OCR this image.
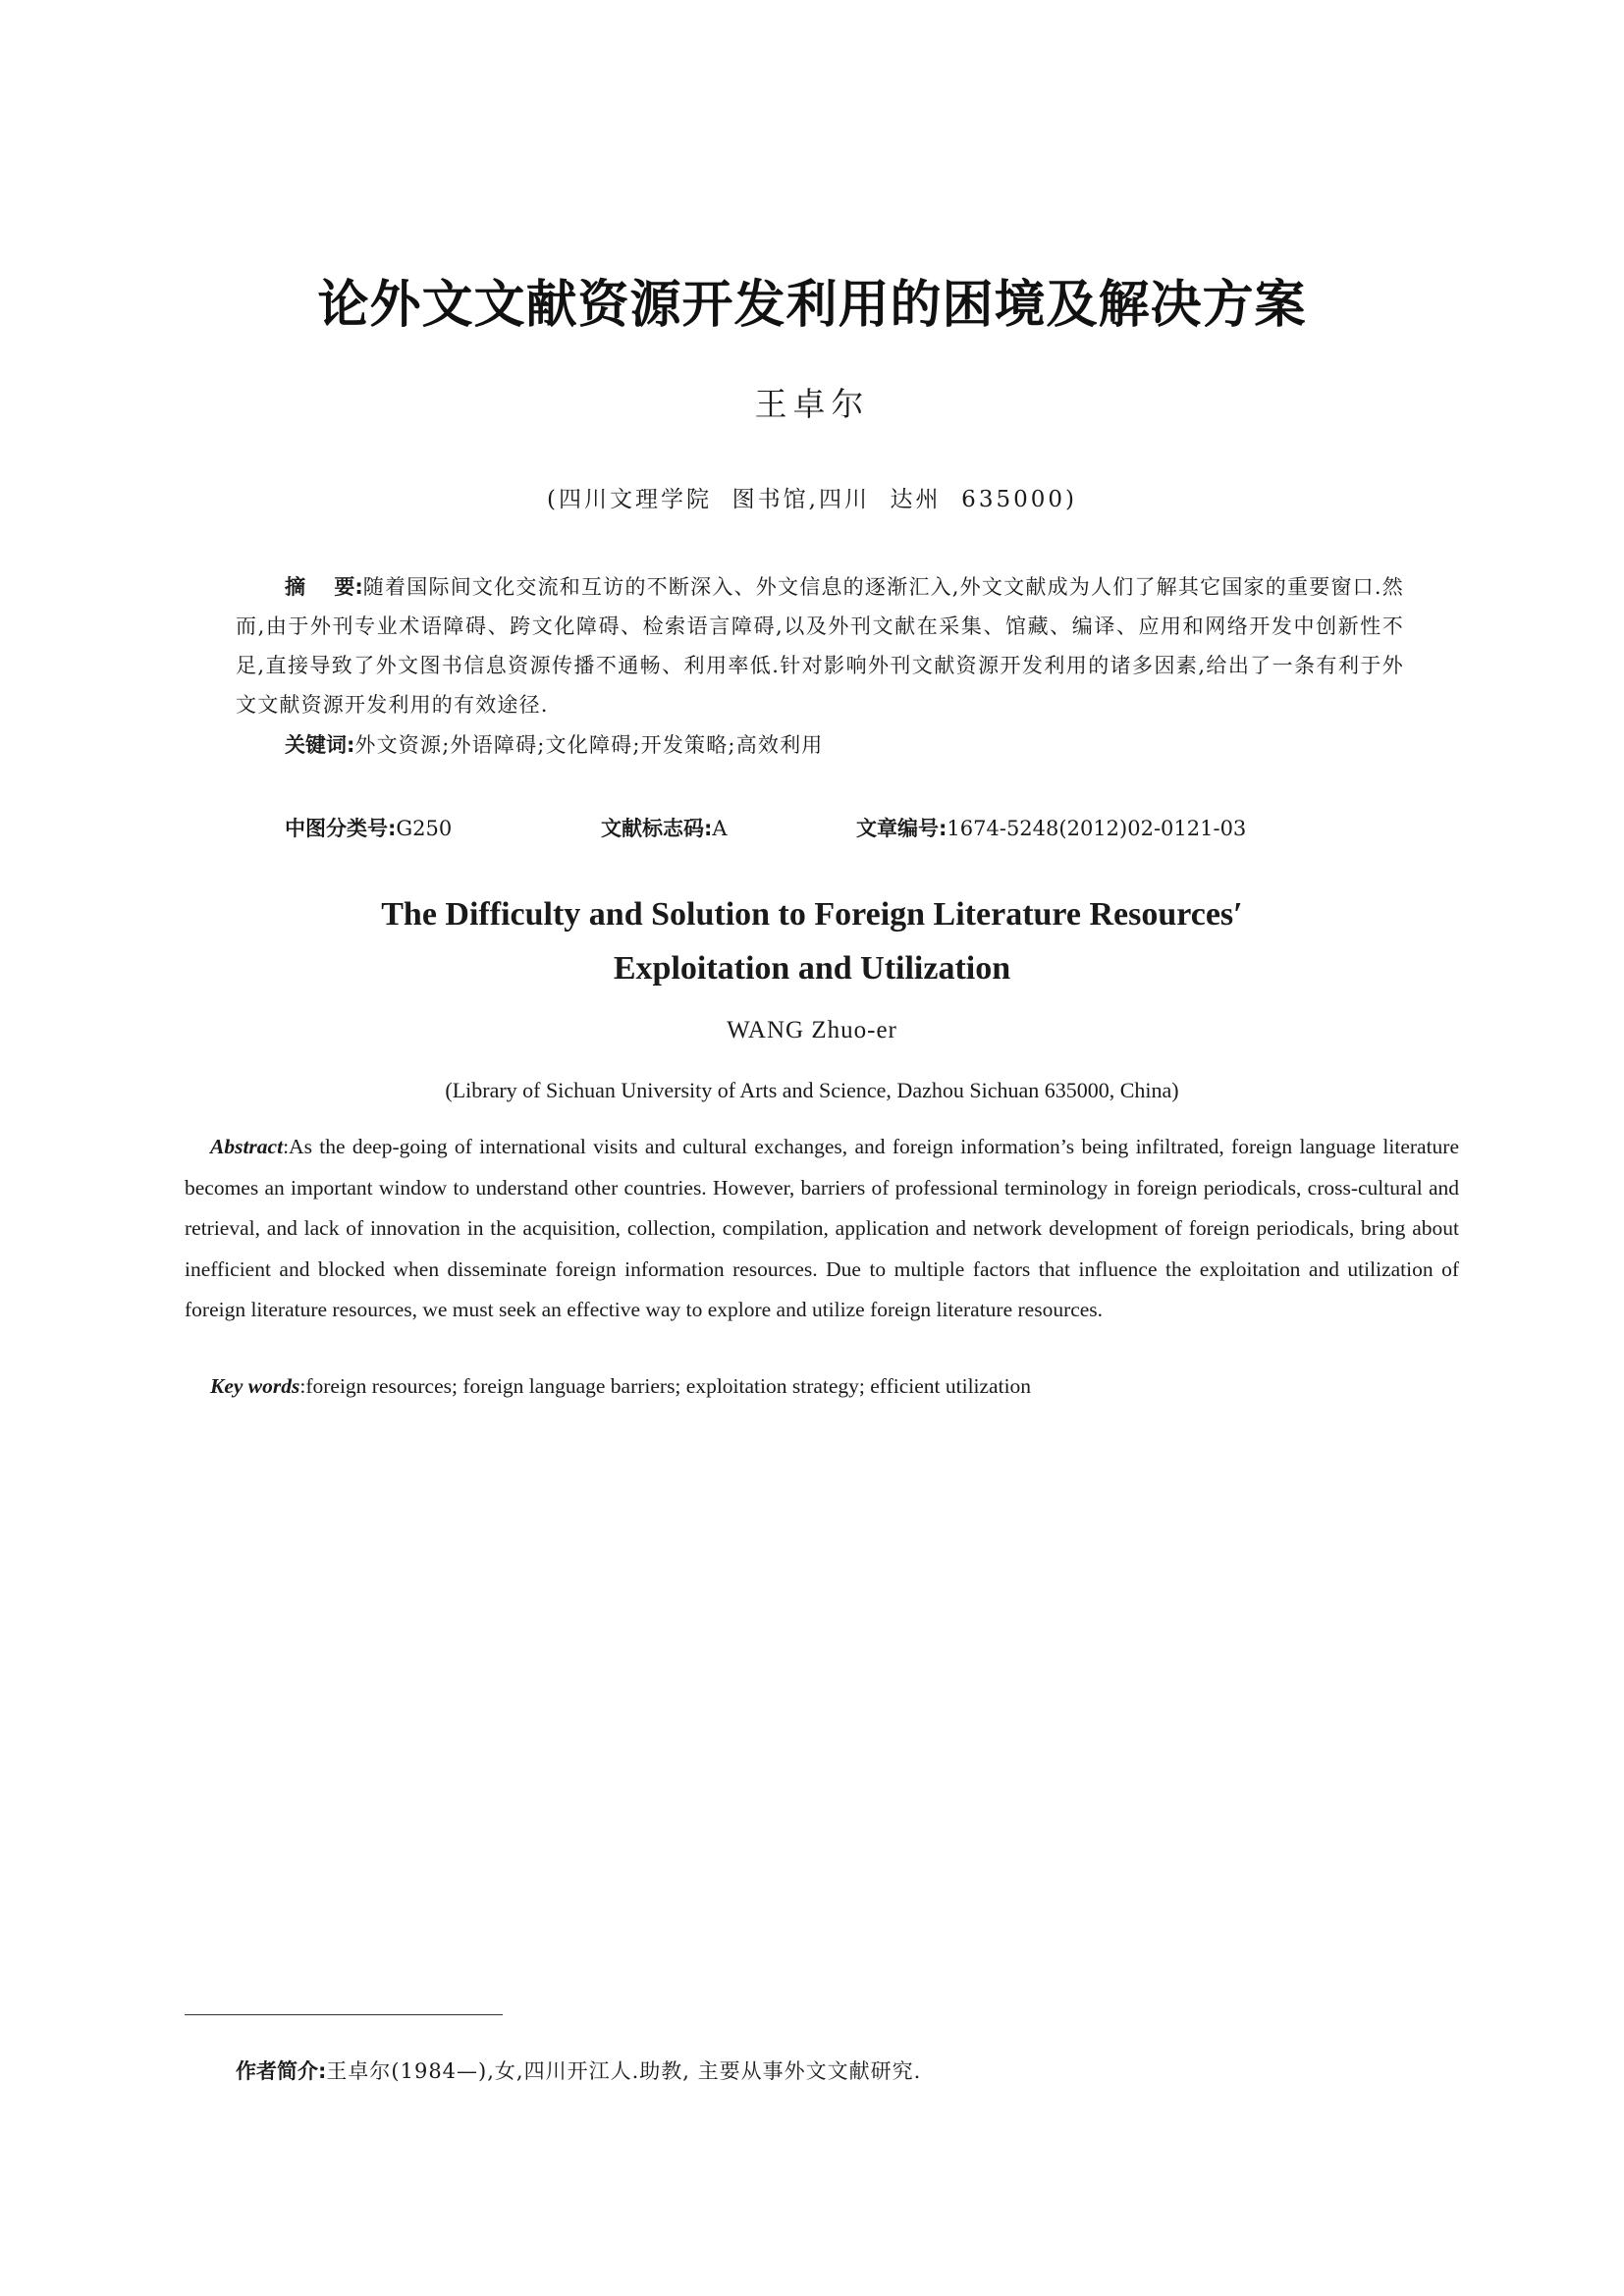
论外文文献资源开发利用的困境及解决方案
王卓尔
(四川文理学院  图书馆,四川  达州  635000)
摘    要:随着国际间文化交流和互访的不断深入、外文信息的逐渐汇入,外文文献成为人们了解其它国家的重要窗口.然而,由于外刊专业术语障碍、跨文化障碍、检索语言障碍,以及外刊文献在采集、馆藏、编译、应用和网络开发中创新性不足,直接导致了外文图书信息资源传播不通畅、利用率低.针对影响外刊文献资源开发利用的诸多因素,给出了一条有利于外文文献资源开发利用的有效途径.
关键词:外文资源;外语障碍;文化障碍;开发策略;高效利用
中图分类号:G250	文献标志码:A	文章编号:1674-5248(2012)02-0121-03
The Difficulty and Solution to Foreign Literature Resources′
Exploitation and Utilization
WANG Zhuo-er
(Library of Sichuan University of Arts and Science, Dazhou Sichuan 635000, China)
Abstract:As the deep-going of international visits and cultural exchanges, and foreign information’s being infiltrated, foreign language literature becomes an important window to understand other countries. However, barriers of professional terminology in foreign periodicals, cross-cultural and retrieval, and lack of innovation in the acquisition, collection, compilation, application and network development of foreign periodicals, bring about inefficient and blocked when disseminate foreign information resources. Due to multiple factors that influence the exploitation and utilization of foreign literature resources, we must seek an effective way to explore and utilize foreign literature resources.
Key words:foreign resources; foreign language barriers; exploitation strategy; efficient utilization
作者简介:王卓尔(1984—),女,四川开江人.助教, 主要从事外文文献研究.
